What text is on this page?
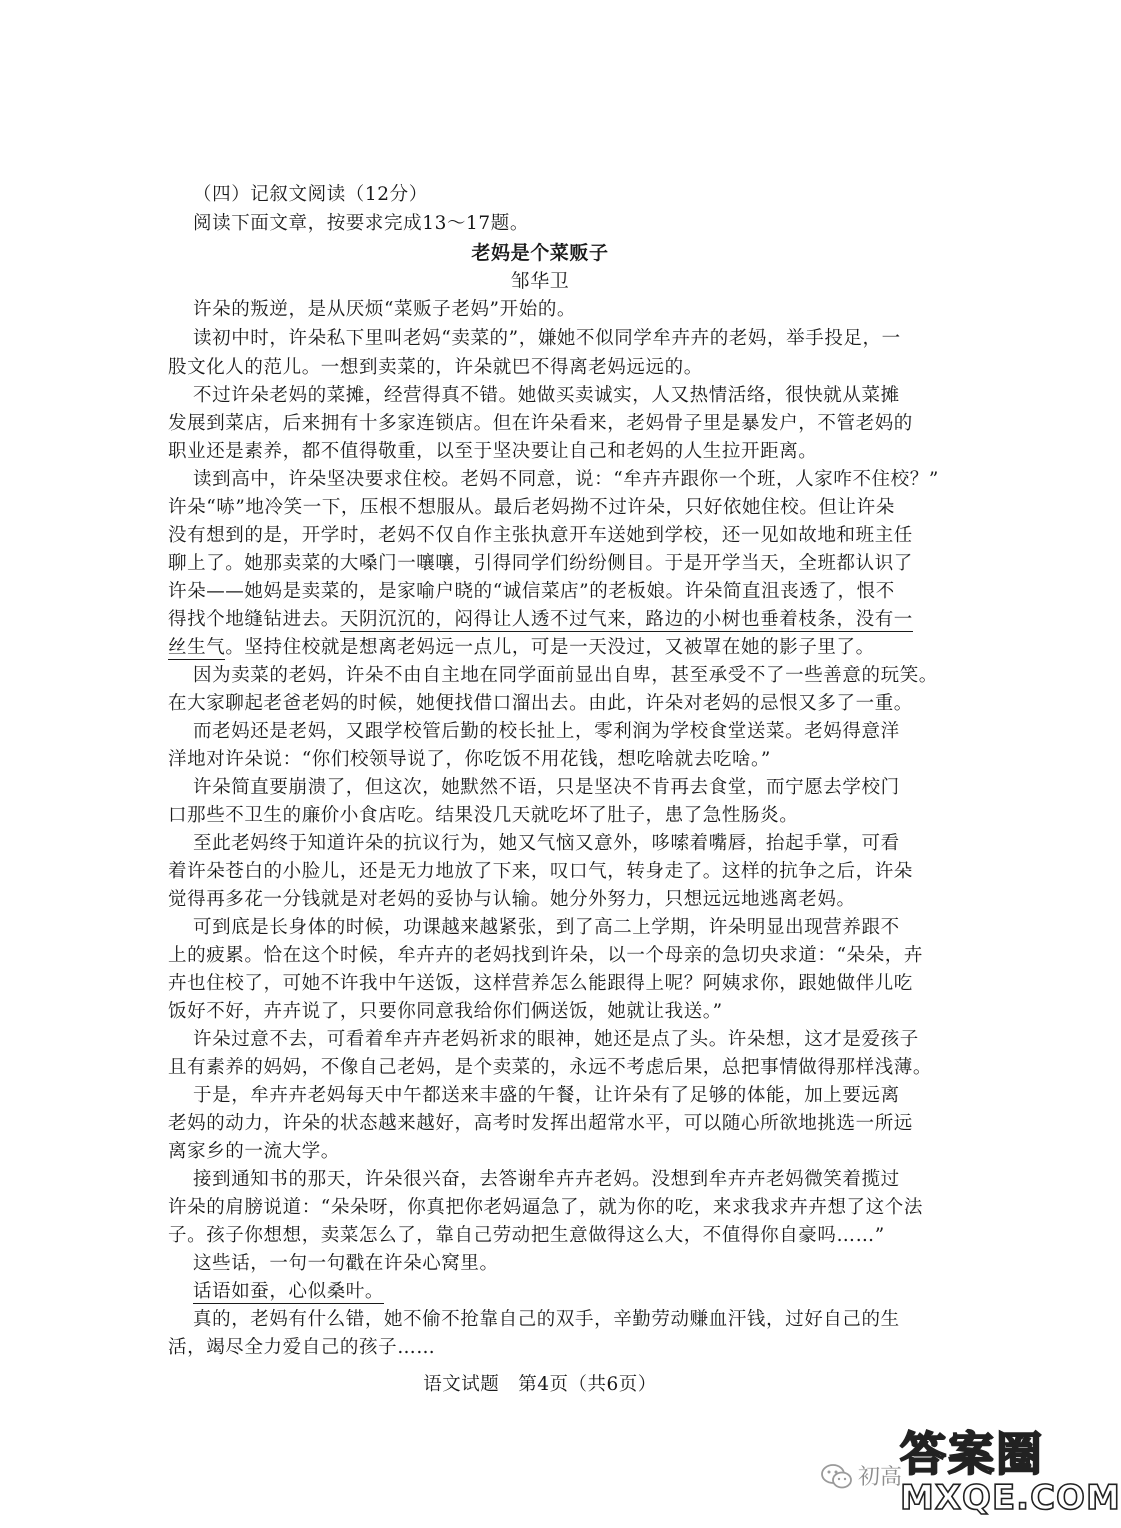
（四）记叙文阅读（12分）
阅读下面文章，按要求完成13～17题。
老妈是个菜贩子
邹华卫
许朵的叛逆，是从厌烦“菜贩子老妈”开始的。
读初中时，许朵私下里叫老妈“卖菜的”，嫌她不似同学牟卉卉的老妈，举手投足，一
股文化人的范儿。一想到卖菜的，许朵就巴不得离老妈远远的。
不过许朵老妈的菜摊，经营得真不错。她做买卖诚实，人又热情活络，很快就从菜摊
发展到菜店，后来拥有十多家连锁店。但在许朵看来，老妈骨子里是暴发户，不管老妈的
职业还是素养，都不值得敬重，以至于坚决要让自己和老妈的人生拉开距离。
读到高中，许朵坚决要求住校。老妈不同意，说：“牟卉卉跟你一个班，人家咋不住校？”
许朵“哧”地冷笑一下，压根不想服从。最后老妈拗不过许朵，只好依她住校。但让许朵
没有想到的是，开学时，老妈不仅自作主张执意开车送她到学校，还一见如故地和班主任
聊上了。她那卖菜的大嗓门一嚷嚷，引得同学们纷纷侧目。于是开学当天，全班都认识了
许朵——她妈是卖菜的，是家喻户晓的“诚信菜店”的老板娘。许朵简直沮丧透了，恨不
得找个地缝钻进去。天阴沉沉的，闷得让人透不过气来，路边的小树也垂着枝条，没有一
丝生气。坚持住校就是想离老妈远一点儿，可是一天没过，又被罩在她的影子里了。
因为卖菜的老妈，许朵不由自主地在同学面前显出自卑，甚至承受不了一些善意的玩笑。
在大家聊起老爸老妈的时候，她便找借口溜出去。由此，许朵对老妈的忌恨又多了一重。
而老妈还是老妈，又跟学校管后勤的校长扯上，零利润为学校食堂送菜。老妈得意洋
洋地对许朵说：“你们校领导说了，你吃饭不用花钱，想吃啥就去吃啥。”
许朵简直要崩溃了，但这次，她默然不语，只是坚决不肯再去食堂，而宁愿去学校门
口那些不卫生的廉价小食店吃。结果没几天就吃坏了肚子，患了急性肠炎。
至此老妈终于知道许朵的抗议行为，她又气恼又意外，哆嗦着嘴唇，抬起手掌，可看
着许朵苍白的小脸儿，还是无力地放了下来，叹口气，转身走了。这样的抗争之后，许朵
觉得再多花一分钱就是对老妈的妥协与认输。她分外努力，只想远远地逃离老妈。
可到底是长身体的时候，功课越来越紧张，到了高二上学期，许朵明显出现营养跟不
上的疲累。恰在这个时候，牟卉卉的老妈找到许朵，以一个母亲的急切央求道：“朵朵，卉
卉也住校了，可她不许我中午送饭，这样营养怎么能跟得上呢？阿姨求你，跟她做伴儿吃
饭好不好，卉卉说了，只要你同意我给你们俩送饭，她就让我送。”
许朵过意不去，可看着牟卉卉老妈祈求的眼神，她还是点了头。许朵想，这才是爱孩子
且有素养的妈妈，不像自己老妈，是个卖菜的，永远不考虑后果，总把事情做得那样浅薄。
于是，牟卉卉老妈每天中午都送来丰盛的午餐，让许朵有了足够的体能，加上要远离
老妈的动力，许朵的状态越来越好，高考时发挥出超常水平，可以随心所欲地挑选一所远
离家乡的一流大学。
接到通知书的那天，许朵很兴奋，去答谢牟卉卉老妈。没想到牟卉卉老妈微笑着揽过
许朵的肩膀说道：“朵朵呀，你真把你老妈逼急了，就为你的吃，来求我求卉卉想了这个法
子。孩子你想想，卖菜怎么了，靠自己劳动把生意做得这么大，不值得你自豪吗……”
这些话，一句一句戳在许朵心窝里。
话语如蚕，心似桑叶。
真的，老妈有什么错，她不偷不抢靠自己的双手，辛勤劳动赚血汗钱，过好自己的生
活，竭尽全力爱自己的孩子……
语文试题　第4页（共6页）
初高
答案圈
MXQE.COM
